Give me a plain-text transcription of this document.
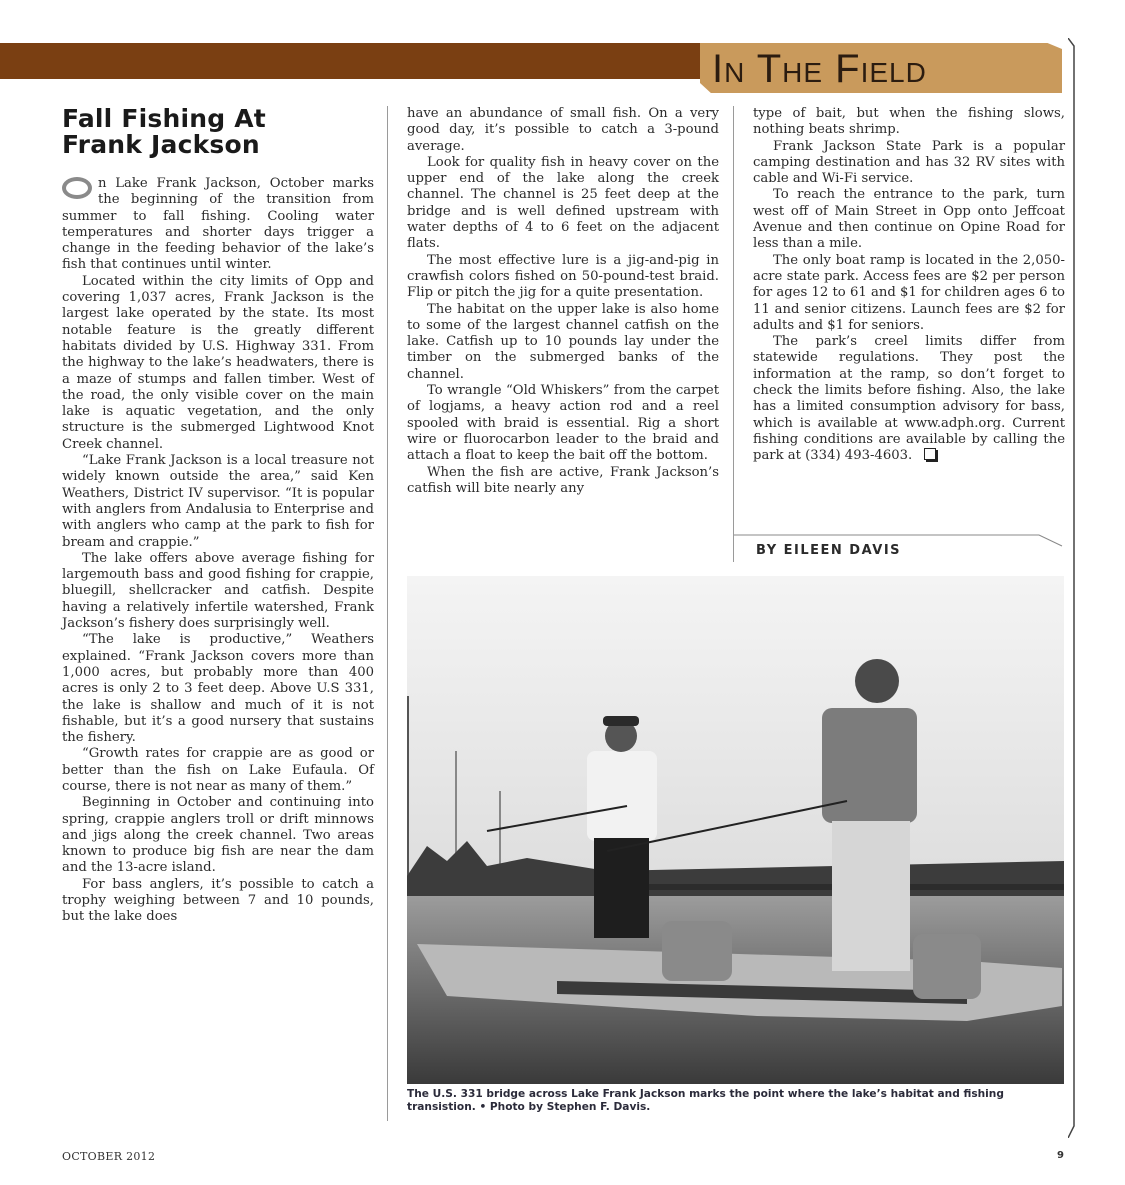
In The Field
Fall Fishing At
Frank Jackson

n Lake Frank Jackson, October marks the beginning of the transition from summer to fall fishing. Cooling water temperatures and shorter days trigger a change in the feeding behavior of the lake’s fish that continues until winter.

Located within the city limits of Opp and covering 1,037 acres, Frank Jackson is the largest lake operated by the state. Its most notable feature is the greatly different habitats divided by U.S. Highway 331. From the highway to the lake’s headwaters, there is a maze of stumps and fallen timber. West of the road, the only visible cover on the main lake is aquatic vegetation, and the only structure is the submerged Lightwood Knot Creek channel.

“Lake Frank Jackson is a local treasure not widely known outside the area,” said Ken Weathers, District IV supervisor. “It is popular with anglers from Andalusia to Enterprise and with anglers who camp at the park to fish for bream and crappie.”

The lake offers above average fishing for largemouth bass and good fishing for crappie, bluegill, shellcracker and catfish. Despite having a relatively infertile watershed, Frank Jackson’s fishery does surprisingly well.

“The lake is productive,” Weathers explained. “Frank Jackson covers more than 1,000 acres, but probably more than 400 acres is only 2 to 3 feet deep. Above U.S 331, the lake is shallow and much of it is not fishable, but it’s a good nursery that sustains the fishery.

“Growth rates for crappie are as good or better than the fish on Lake Eufaula. Of course, there is not near as many of them.”

Beginning in October and continuing into spring, crappie anglers troll or drift minnows and jigs along the creek channel. Two areas known to produce big fish are near the dam and the 13-acre island.

For bass anglers, it’s possible to catch a trophy weighing between 7 and 10 pounds, but the lake does

have an abundance of small fish. On a very good day, it’s possible to catch a 3-pound average.

Look for quality fish in heavy cover on the upper end of the lake along the creek channel. The channel is 25 feet deep at the bridge and is well defined upstream with water depths of 4 to 6 feet on the adjacent flats.

The most effective lure is a jig-and-pig in crawfish colors fished on 50-pound-test braid. Flip or pitch the jig for a quite presentation.

The habitat on the upper lake is also home to some of the largest channel catfish on the lake. Catfish up to 10 pounds lay under the timber on the submerged banks of the channel.

To wrangle “Old Whiskers” from the carpet of logjams, a heavy action rod and a reel spooled with braid is essential. Rig a short wire or fluorocarbon leader to the braid and attach a float to keep the bait off the bottom.

When the fish are active, Frank Jackson’s catfish will bite nearly any

type of bait, but when the fishing slows, nothing beats shrimp.

Frank Jackson State Park is a popular camping destination and has 32 RV sites with cable and Wi-Fi service.

To reach the entrance to the park, turn west off of Main Street in Opp onto Jeffcoat Avenue and then continue on Opine Road for less than a mile.

The only boat ramp is located in the 2,050-acre state park. Access fees are $2 per person for ages 12 to 61 and $1 for children ages 6 to 11 and senior citizens. Launch fees are $2 for adults and $1 for seniors.

The park’s creel limits differ from statewide regulations. They post the information at the ramp, so don’t forget to check the limits before fishing. Also, the lake has a limited consumption advisory for bass, which is available at www.adph.org. Current fishing conditions are available by calling the park at (334) 493-4603.

BY EILEEN DAVIS
The U.S. 331 bridge across Lake Frank Jackson marks the point where the lake’s habitat and fishing transistion. • Photo by Stephen F. Davis.
OCTOBER 2012	9
